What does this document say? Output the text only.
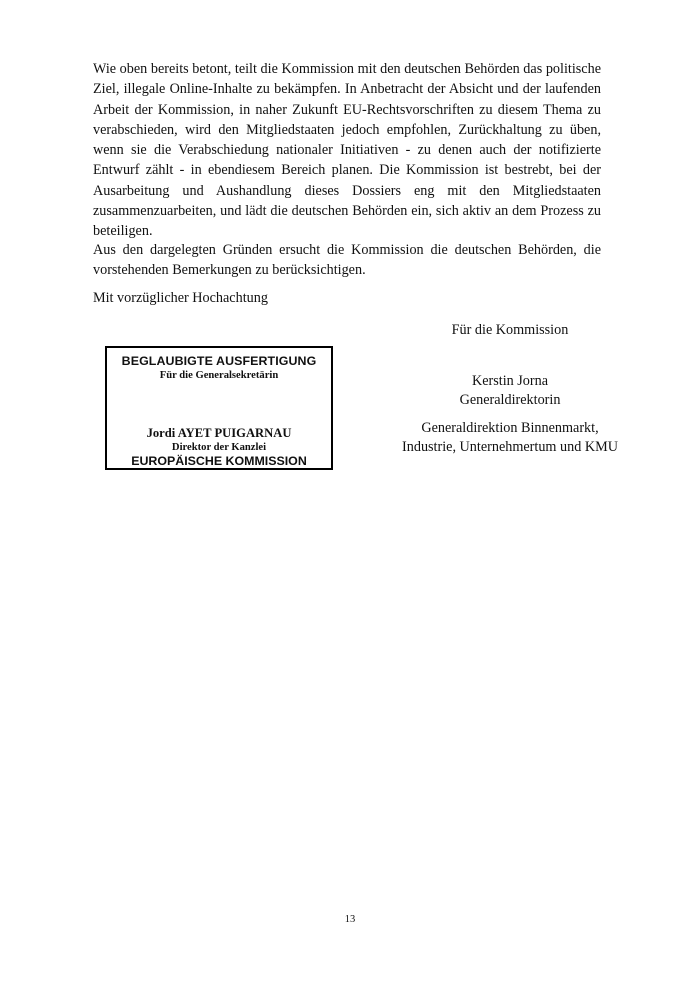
Wie oben bereits betont, teilt die Kommission mit den deutschen Behörden das politische Ziel, illegale Online-Inhalte zu bekämpfen. In Anbetracht der Absicht und der laufenden Arbeit der Kommission, in naher Zukunft EU-Rechtsvorschriften zu diesem Thema zu verabschieden, wird den Mitgliedstaaten jedoch empfohlen, Zurückhaltung zu üben, wenn sie die Verabschiedung nationaler Initiativen - zu denen auch der notifizierte Entwurf zählt - in ebendiesem Bereich planen. Die Kommission ist bestrebt, bei der Ausarbeitung und Aushandlung dieses Dossiers eng mit den Mitgliedstaaten zusammenzuarbeiten, und lädt die deutschen Behörden ein, sich aktiv an dem Prozess zu beteiligen.

Aus den dargelegten Gründen ersucht die Kommission die deutschen Behörden, die vorstehenden Bemerkungen zu berücksichtigen.

Mit vorzüglicher Hochachtung

Für die Kommission
Kerstin Jorna
Generaldirektorin
Generaldirektion Binnenmarkt,
Industrie, Unternehmertum und KMU
BEGLAUBIGTE AUSFERTIGUNG
Für die Generalsekretärin
Jordi AYET PUIGARNAU
Direktor der Kanzlei
EUROPÄISCHE KOMMISSION
13
